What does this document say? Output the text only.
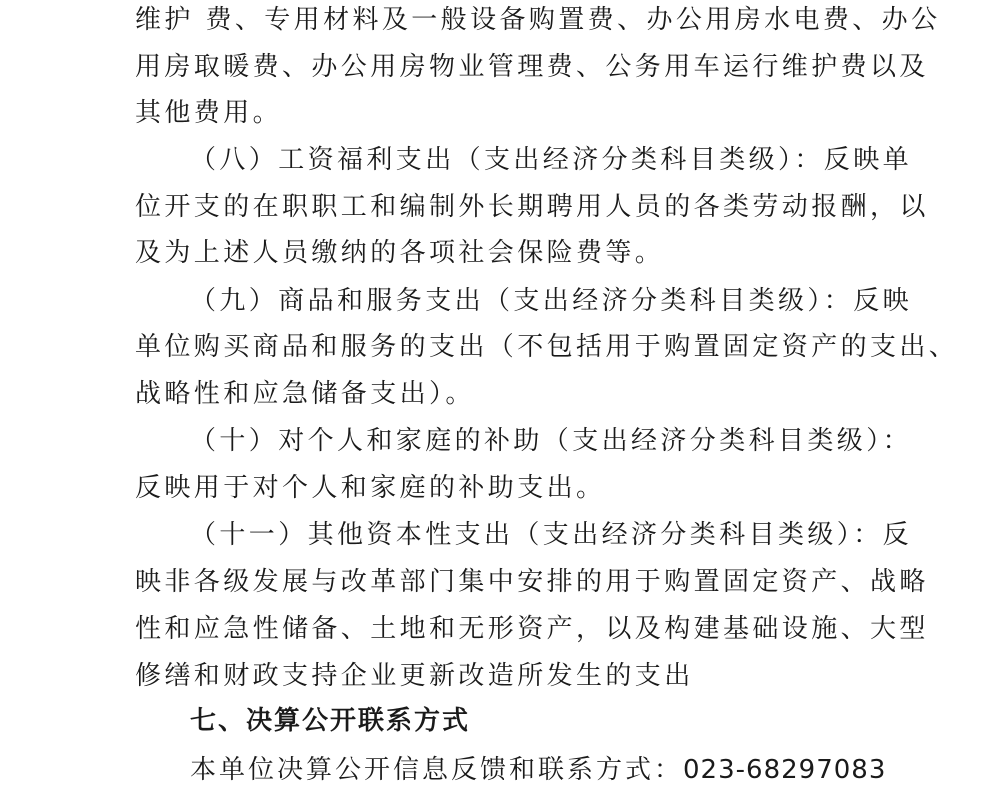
维护 费、专用材料及一般设备购置费、办公用房水电费、办公
用房取暖费、办公用房物业管理费、公务用车运行维护费以及
其他费用。
（八）工资福利支出（支出经济分类科目类级）：反映单
位开支的在职职工和编制外长期聘用人员的各类劳动报酬，以
及为上述人员缴纳的各项社会保险费等。
（九）商品和服务支出（支出经济分类科目类级）：反映
单位购买商品和服务的支出（不包括用于购置固定资产的支出、
战略性和应急储备支出）。
（十）对个人和家庭的补助（支出经济分类科目类级）：
反映用于对个人和家庭的补助支出。
（十一）其他资本性支出（支出经济分类科目类级）：反
映非各级发展与改革部门集中安排的用于购置固定资产、战略
性和应急性储备、土地和无形资产，以及构建基础设施、大型
修缮和财政支持企业更新改造所发生的支出
七、决算公开联系方式
本单位决算公开信息反馈和联系方式：023-68297083
